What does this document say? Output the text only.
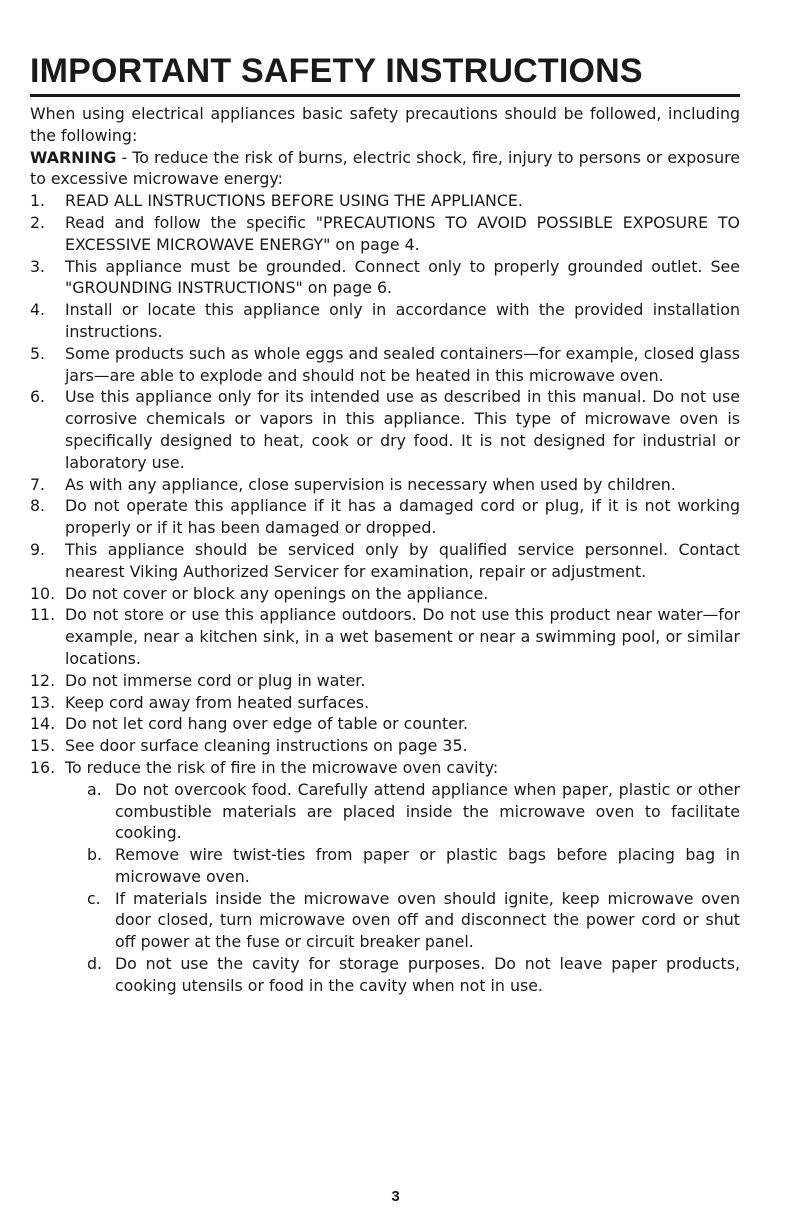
IMPORTANT SAFETY INSTRUCTIONS

When using electrical appliances basic safety precautions should be followed, including the following:

WARNING - To reduce the risk of burns, electric shock, fire, injury to persons or exposure to excessive microwave energy:

1. READ ALL INSTRUCTIONS BEFORE USING THE APPLIANCE.
2. Read and follow the specific "PRECAUTIONS TO AVOID POSSIBLE EXPOSURE TO EXCESSIVE MICROWAVE ENERGY" on page 4.
3. This appliance must be grounded. Connect only to properly grounded outlet. See "GROUNDING INSTRUCTIONS" on page 6.
4. Install or locate this appliance only in accordance with the provided installation instructions.
5. Some products such as whole eggs and sealed containers—for example, closed glass jars—are able to explode and should not be heated in this microwave oven.
6. Use this appliance only for its intended use as described in this manual. Do not use corrosive chemicals or vapors in this appliance. This type of microwave oven is specifically designed to heat, cook or dry food. It is not designed for industrial or laboratory use.
7. As with any appliance, close supervision is necessary when used by children.
8. Do not operate this appliance if it has a damaged cord or plug, if it is not working properly or if it has been damaged or dropped.
9. This appliance should be serviced only by qualified service personnel. Contact nearest Viking Authorized Servicer for examination, repair or adjustment.
10. Do not cover or block any openings on the appliance.
11. Do not store or use this appliance outdoors. Do not use this product near water—for example, near a kitchen sink, in a wet basement or near a swimming pool, or similar locations.
12. Do not immerse cord or plug in water.
13. Keep cord away from heated surfaces.
14. Do not let cord hang over edge of table or counter.
15. See door surface cleaning instructions on page 35.
16. To reduce the risk of fire in the microwave oven cavity:
a. Do not overcook food. Carefully attend appliance when paper, plastic or other combustible materials are placed inside the microwave oven to facilitate cooking.
b. Remove wire twist-ties from paper or plastic bags before placing bag in microwave oven.
c. If materials inside the microwave oven should ignite, keep microwave oven door closed, turn microwave oven off and disconnect the power cord or shut off power at the fuse or circuit breaker panel.
d. Do not use the cavity for storage purposes. Do not leave paper products, cooking utensils or food in the cavity when not in use.
3
